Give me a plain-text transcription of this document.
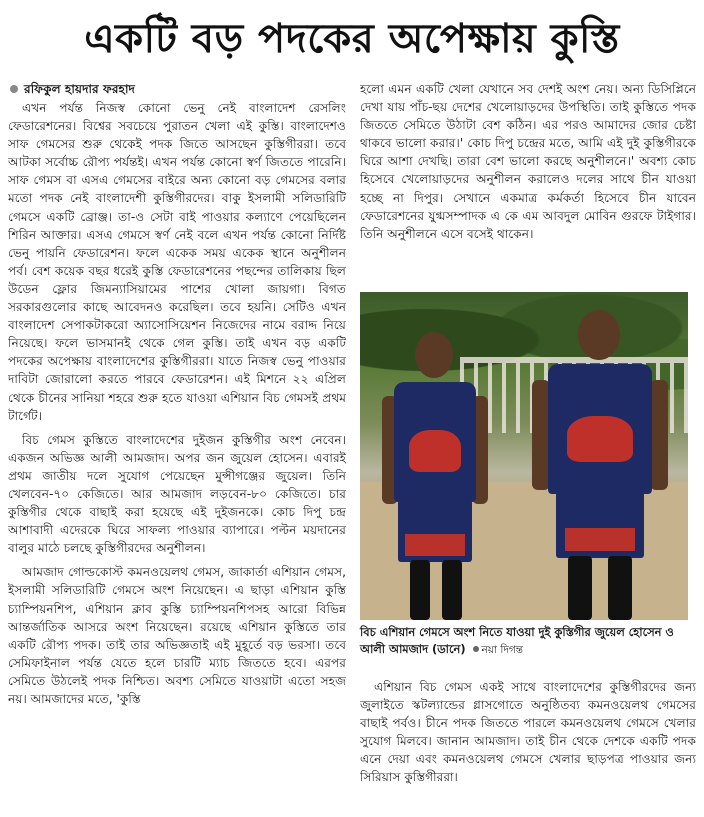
একটি বড় পদকের অপেক্ষায় কুস্তি
রফিকুল হায়দার ফরহাদ

এখন পর্যন্ত নিজস্ব কোনো ভেনু নেই বাংলাদেশ রেসলিং ফেডারেশনের। বিশ্বের সবচেয়ে পুরাতন খেলা এই কুস্তি। বাংলাদেশও সাফ গেমসের শুরু থেকেই পদক জিতে আসছেন কুস্তিগীররা। তবে আটকা সর্বোচ্চ রৌপ্য পর্যন্তই। এখন পর্যন্ত কোনো স্বর্ণ জিততে পারেনি। সাফ গেমস বা এসএ গেমসের বাইরে অন্য কোনো বড় গেমসের বলার মতো পদক নেই বাংলাদেশী কুস্তিগীরদের। বাকু ইসলামী সলিডারিটি গেমসে একটি ব্রোঞ্জ। তা-ও সেটা বাই পাওয়ার কল্যাণে পেয়েছিলেন শিরিন আক্তার। এসএ গেমসে স্বর্ণ নেই বলে এখন পর্যন্ত কোনো নির্দিষ্ট ভেনু পায়নি ফেডারেশন। ফলে একেক সময় একেক স্থানে অনুশীলন পর্ব। বেশ কয়েক বছর ধরেই কুস্তি ফেডারেশনের পছন্দের তালিকায় ছিল উডেন ফ্লোর জিমন্যাসিয়ামের পাশের খোলা জায়গা। বিগত সরকারগুলোর কাছে আবেদনও করেছিল। তবে হয়নি। সেটিও এখন বাংলাদেশ সেপাকটাকরো অ্যাসোসিয়েশন নিজেদের নামে বরাদ্দ নিয়ে নিয়েছে। ফলে ভাসমানই থেকে গেল কুস্তি। তাই এখন বড় একটি পদকের অপেক্ষায় বাংলাদেশের কুস্তিগীররা। যাতে নিজস্ব ভেনু পাওয়ার দাবিটা জোরালো করতে পারবে ফেডারেশন। এই মিশনে ২২ এপ্রিল থেকে চীনের সানিয়া শহরে শুরু হতে যাওয়া এশিয়ান বিচ গেমসই প্রথম টার্গেট।

বিচ গেমস কুস্তিতে বাংলাদেশের দুইজন কুস্তিগীর অংশ নেবেন। একজন অভিজ্ঞ আলী আমজাদ। অপর জন জুয়েল হোসেন। এবারই প্রথম জাতীয় দলে সুযোগ পেয়েছেন মুন্সীগঞ্জের জুয়েল। তিনি খেলবেন-৭০ কেজিতে। আর আমজাদ লড়বেন-৮০ কেজিতে। চার কুস্তিগীর থেকে বাছাই করা হয়েছে এই দুইজনকে। কোচ দিপু চন্দ্র আশাবাদী এদেরকে ঘিরে সাফল্য পাওয়ার ব্যাপারে। পল্টন ময়দানের বালুর মাঠে চলছে কুস্তিগীরদের অনুশীলন।

আমজাদ গোল্ডকোস্ট কমনওয়েলথ গেমস, জাকার্তা এশিয়ান গেমস, ইসলামী সলিডারিটি গেমসে অংশ নিয়েছেন। এ ছাড়া এশিয়ান কুস্তি চ্যাম্পিয়নশিপ, এশিয়ান ক্লাব কুস্তি চ্যাম্পিয়নশিপসহ আরো বিভিন্ন আন্তর্জাতিক আসরে অংশ নিয়েছেন। রয়েছে এশিয়ান কুস্তিতে তার একটি রৌপ্য পদক। তাই তার অভিজ্ঞতাই এই মুহূর্তে বড় ভরসা। তবে সেমিফাইনাল পর্যন্ত যেতে হলে চারটি ম্যাচ জিততে হবে। এরপর সেমিতে উঠলেই পদক নিশ্চিত। অবশ্য সেমিতে যাওয়াটা এতো সহজ নয়। আমজাদের মতে, 'কুস্তি

হলো এমন একটি খেলা যেখানে সব দেশই অংশ নেয়। অন্য ডিসিপ্লিনে দেখা যায় পাঁচ-ছয় দেশের খেলোয়াড়দের উপস্থিতি। তাই কুস্তিতে পদক জিততে সেমিতে উঠাটা বেশ কঠিন। এর পরও আমাদের জোর চেষ্টা থাকবে ভালো করার।' কোচ দিপু চন্দ্রের মতে, আমি এই দুই কুস্তিগীরকে ঘিরে আশা দেখছি। তারা বেশ ভালো করছে অনুশীলনে।' অবশ্য কোচ হিসেবে খেলোয়াড়দের অনুশীলন করালেও দলের সাথে চীন যাওয়া হচ্ছে না দিপুর। সেখানে একমাত্র কর্মকর্তা হিসেবে চীন যাবেন ফেডারেশনের যুগ্মসম্পাদক এ কে এম আবদুল মোবিন গুরফে টাইগার। তিনি অনুশীলনে এসে বসেই থাকেন।

বিচ এশিয়ান গেমসে অংশ নিতে যাওয়া দুই কুস্তিগীর জুয়েল হোসেন ও আলী আমজাদ (ডানে) নয়া দিগন্ত

এশিয়ান বিচ গেমস একই সাথে বাংলাদেশের কুস্তিগীরদের জন্য জুলাইতে স্কটল্যান্ডের গ্লাসগোতে অনুষ্ঠিতব্য কমনওয়েলথ গেমসের বাছাই পর্বও। চীনে পদক জিততে পারলে কমনওয়েলথ গেমসে খেলার সুযোগ মিলবে। জানান আমজাদ। তাই চীন থেকে দেশকে একটি পদক এনে দেয়া এবং কমনওয়েলথ গেমসে খেলার ছাড়পত্র পাওয়ার জন্য সিরিয়াস কুস্তিগীররা।
